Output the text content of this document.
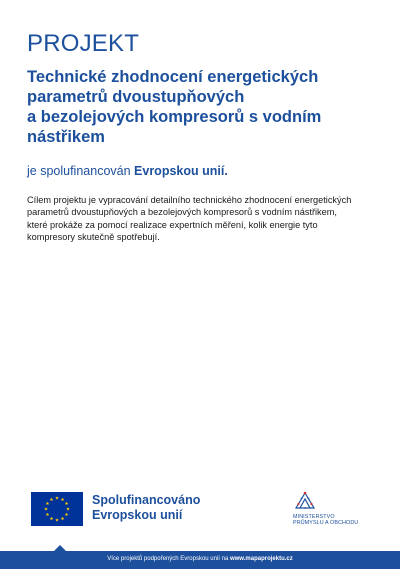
PROJEKT
Technické zhodnocení energetických
parametrů dvoustupňových
a bezolejových kompresorů s vodním
nástřikem
je spolufinancován Evropskou unií.
Cílem projektu je vypracování detailního technického zhodnocení energetických
parametrů dvoustupňových a bezolejových kompresorů s vodním nástřikem,
které prokáže za pomocí realizace expertních měření, kolik energie tyto
kompresory skutečně spotřebují.
Spolufinancováno
Evropskou unií	MINISTERSTVO
PRŮMYSLU A OBCHODU
Více projektů podpořených Evropskou unií na www.mapaprojektu.cz
